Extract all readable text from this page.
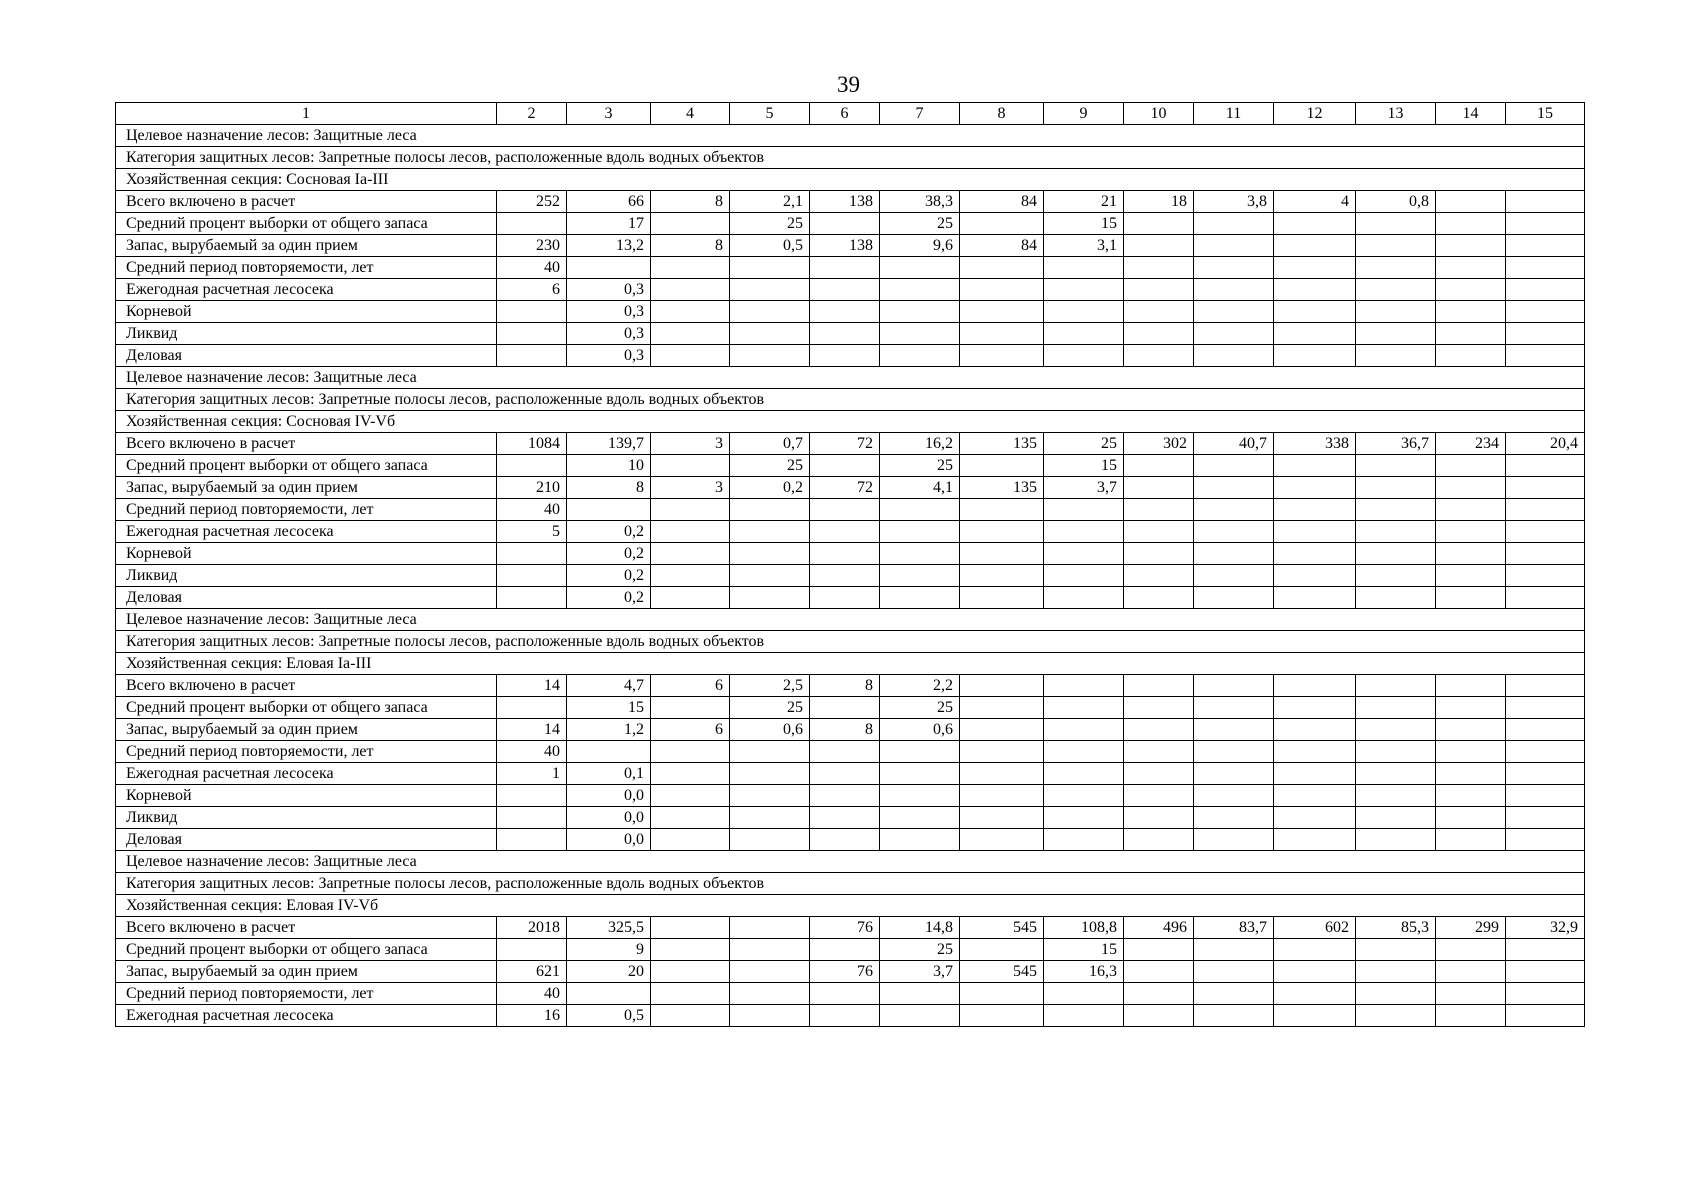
39
1	2	3	4	5	6	7	8	9	10	11	12	13	14	15
Целевое назначение лесов: Защитные леса														
Категория защитных лесов: Запретные полосы лесов, расположенные вдоль водных объектов														
Хозяйственная секция: Сосновая Ia-III														
Всего включено в расчет	252	66	8	2,1	138	38,3	84	21	18	3,8	4	0,8		
Средний процент выборки от общего запаса		17		25		25		15						
Запас, вырубаемый за один прием	230	13,2	8	0,5	138	9,6	84	3,1						
Средний период повторяемости, лет	40													
Ежегодная расчетная лесосека	6	0,3												
Корневой		0,3												
Ликвид		0,3												
Деловая		0,3												
Целевое назначение лесов: Защитные леса														
Категория защитных лесов: Запретные полосы лесов, расположенные вдоль водных объектов														
Хозяйственная секция: Сосновая IV-Vб														
Всего включено в расчет	1084	139,7	3	0,7	72	16,2	135	25	302	40,7	338	36,7	234	20,4
Средний процент выборки от общего запаса		10		25		25		15						
Запас, вырубаемый за один прием	210	8	3	0,2	72	4,1	135	3,7						
Средний период повторяемости, лет	40													
Ежегодная расчетная лесосека	5	0,2												
Корневой		0,2												
Ликвид		0,2												
Деловая		0,2												
Целевое назначение лесов: Защитные леса														
Категория защитных лесов: Запретные полосы лесов, расположенные вдоль водных объектов														
Хозяйственная секция: Еловая Ia-III														
Всего включено в расчет	14	4,7	6	2,5	8	2,2								
Средний процент выборки от общего запаса		15		25		25								
Запас, вырубаемый за один прием	14	1,2	6	0,6	8	0,6								
Средний период повторяемости, лет	40													
Ежегодная расчетная лесосека	1	0,1												
Корневой		0,0												
Ликвид		0,0												
Деловая		0,0												
Целевое назначение лесов: Защитные леса														
Категория защитных лесов: Запретные полосы лесов, расположенные вдоль водных объектов														
Хозяйственная секция: Еловая IV-Vб														
Всего включено в расчет	2018	325,5			76	14,8	545	108,8	496	83,7	602	85,3	299	32,9
Средний процент выборки от общего запаса		9				25		15						
Запас, вырубаемый за один прием	621	20			76	3,7	545	16,3						
Средний период повторяемости, лет	40													
Ежегодная расчетная лесосека	16	0,5												
